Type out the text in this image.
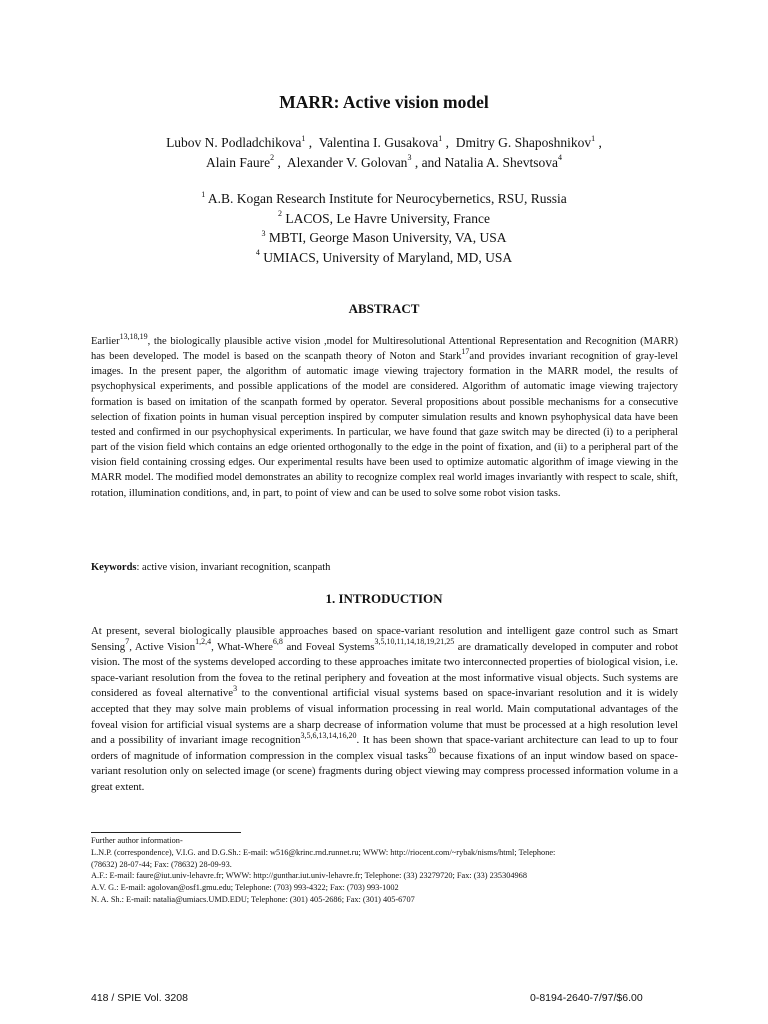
MARR: Active vision model
Lubov N. Podladchikova$^1$ ,  Valentina I. Gusakova$^1$ ,  Dmitry G. Shaposhnikov$^1$ ,
Alain Faure$^2$ ,  Alexander V. Golovan$^3$ , and Natalia A. Shevtsova$^4$
$^1$ A.B. Kogan Research Institute for Neurocybernetics, RSU, Russia
$^2$ LACOS, Le Havre University, France
$^3$ MBTI, George Mason University, VA, USA
$^4$ UMIACS, University of Maryland, MD, USA
ABSTRACT
Earlier$^{13,18,19}$, the biologically plausible active vision ,model for Multiresolutional Attentional Representation and Recognition (MARR) has been developed. The model is based on the scanpath theory of Noton and Stark$^{17}$and provides invariant recognition of gray-level images. In the present paper, the algorithm of automatic image viewing trajectory formation in the MARR model, the results of psychophysical experiments, and possible applications of the model are considered. Algorithm of automatic image viewing trajectory formation is based on imitation of the scanpath formed by operator. Several propositions about possible mechanisms for a consecutive selection of fixation points in human visual perception inspired by computer simulation results and known psyhophysical data have been tested and confirmed in our psychophysical experiments. In particular, we have found that gaze switch may be directed (i) to a peripheral part of the vision field which contains an edge oriented orthogonally to the edge in the point of fixation, and (ii) to a peripheral part of the vision field containing crossing edges. Our experimental results have been used to optimize automatic algorithm of image viewing in the MARR model. The modified model demonstrates an ability to recognize complex real world images invariantly with respect to scale, shift, rotation, illumination conditions, and, in part, to point of view and can be used to solve some robot vision tasks.
Keywords: active vision, invariant recognition, scanpath
1. INTRODUCTION
At present, several biologically plausible approaches based on space-variant resolution and intelligent gaze control such as Smart Sensing$^7$, Active Vision$^{1,2,4}$, What-Where$^{6,8}$ and Foveal Systems$^{3,5,10,11,14,18,19,21,25}$ are dramatically developed in computer and robot vision. The most of the systems developed according to these approaches imitate two interconnected properties of biological vision, i.e. space-variant resolution from the fovea to the retinal periphery and foveation at the most informative visual objects. Such systems are considered as foveal alternative$^3$ to the conventional artificial visual systems based on space-invariant resolution and it is widely accepted that they may solve main problems of visual information processing in real world. Main computational advantages of the foveal vision for artificial visual systems are a sharp decrease of information volume that must be processed at a high resolution level and a possibility of invariant image recognition$^{3,5,6,13,14,16,20}$. It has been shown that space-variant architecture can lead to up to four orders of magnitude of information compression in the complex visual tasks$^{20}$ because fixations of an input window based on space-variant resolution only on selected image (or scene) fragments during object viewing may compress processed information volume in a great extent.
Further author information-
L.N.P. (correspondence), V.I.G. and D.G.Sh.: E-mail: w516@krinc.rnd.runnet.ru; WWW: http://riocent.com/~rybak/nisms/html; Telephone:
(78632) 28-07-44; Fax: (78632) 28-09-93.
A.F.: E-mail: faure@iut.univ-lehavre.fr; WWW: http://gunthar.iut.univ-lehavre.fr; Telephone: (33) 23279720; Fax: (33) 235304968
A.V. G.: E-mail: agolovan@osf1.gmu.edu; Telephone: (703) 993-4322; Fax: (703) 993-1002
N. A. Sh.: E-mail: natalia@umiacs.UMD.EDU; Telephone: (301) 405-2686; Fax: (301) 405-6707
418 / SPIE Vol. 3208	0-8194-2640-7/97/$6.00
